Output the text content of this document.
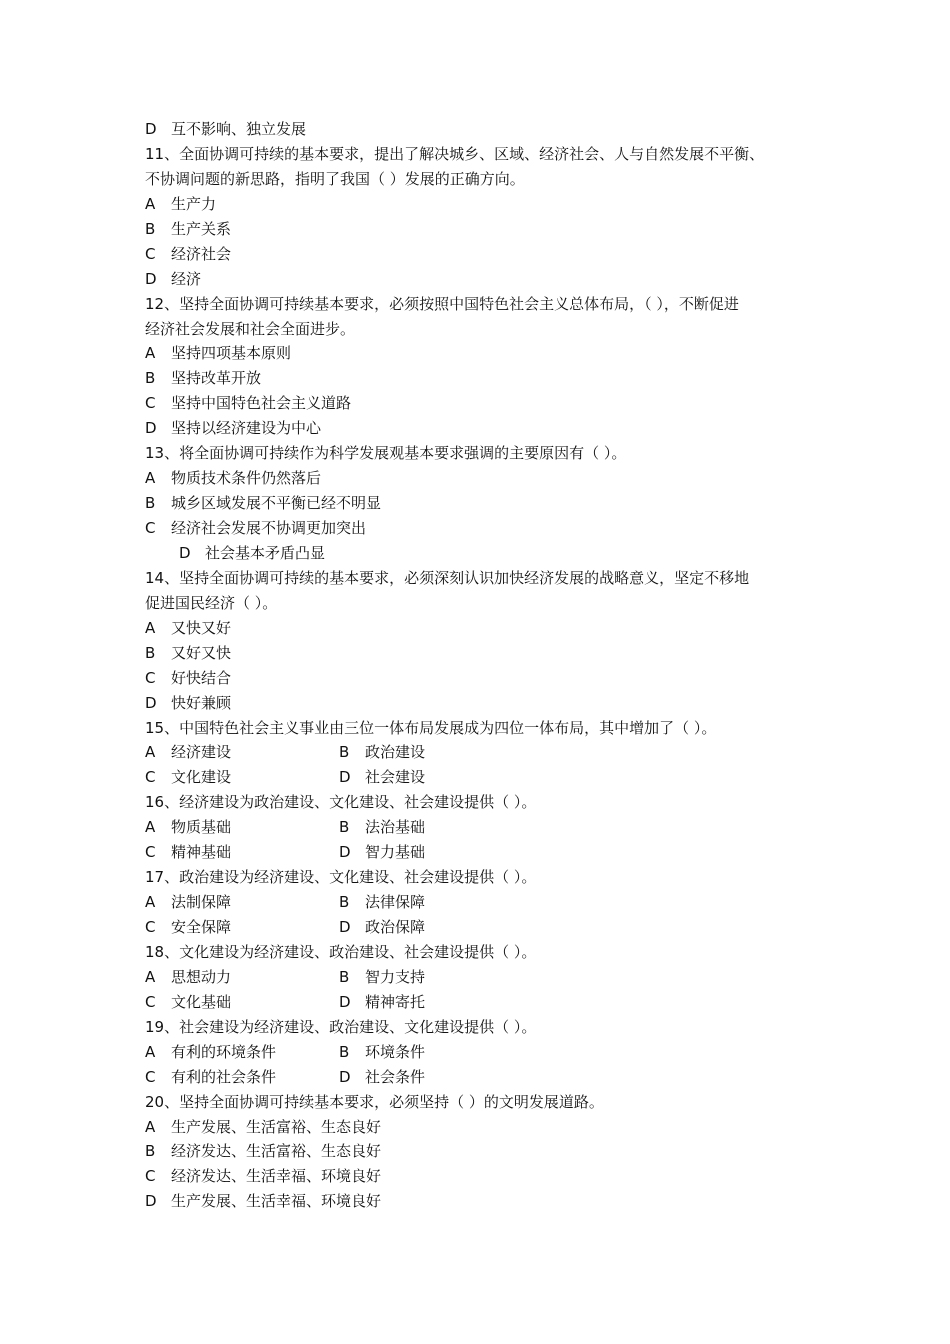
D 互不影响、独立发展
11、全面协调可持续的基本要求，提出了解决城乡、区域、经济社会、人与自然发展不平衡、
不协调问题的新思路，指明了我国（ ）发展的正确方向。
A	生产力
B	生产关系
C	经济社会
D 经济
12、坚持全面协调可持续基本要求，必须按照中国特色社会主义总体布局，（ ），不断促进
经济社会发展和社会全面进步。
A	坚持四项基本原则
B	坚持改革开放
C	坚持中国特色社会主义道路
D 坚持以经济建设为中心
13、将全面协调可持续作为科学发展观基本要求强调的主要原因有（ ）。
A	物质技术条件仍然落后
B	城乡区域发展不平衡已经不明显
C	经济社会发展不协调更加突出
D 社会基本矛盾凸显
14、坚持全面协调可持续的基本要求，必须深刻认识加快经济发展的战略意义，坚定不移地
促进国民经济（ ）。
A	又快又好
B	又好又快
C	好快结合
D 快好兼顾
15、中国特色社会主义事业由三位一体布局发展成为四位一体布局，其中增加了（ ）。
A	经济建设	B	政治建设
C	文化建设	D 社会建设
16、经济建设为政治建设、文化建设、社会建设提供（ ）。
A	物质基础	B	法治基础
C	精神基础	D 智力基础
17、政治建设为经济建设、文化建设、社会建设提供（ ）。
A	法制保障	B	法律保障
C	安全保障	D 政治保障
18、文化建设为经济建设、政治建设、社会建设提供（ ）。
A	思想动力	B	智力支持
C	文化基础	D 精神寄托
19、社会建设为经济建设、政治建设、文化建设提供（ ）。
A	有利的环境条件	B	环境条件
C	有利的社会条件	D 社会条件
20、坚持全面协调可持续基本要求，必须坚持（ ）的文明发展道路。
A	生产发展、生活富裕、生态良好
B	经济发达、生活富裕、生态良好
C	经济发达、生活幸福、环境良好
D 生产发展、生活幸福、环境良好
